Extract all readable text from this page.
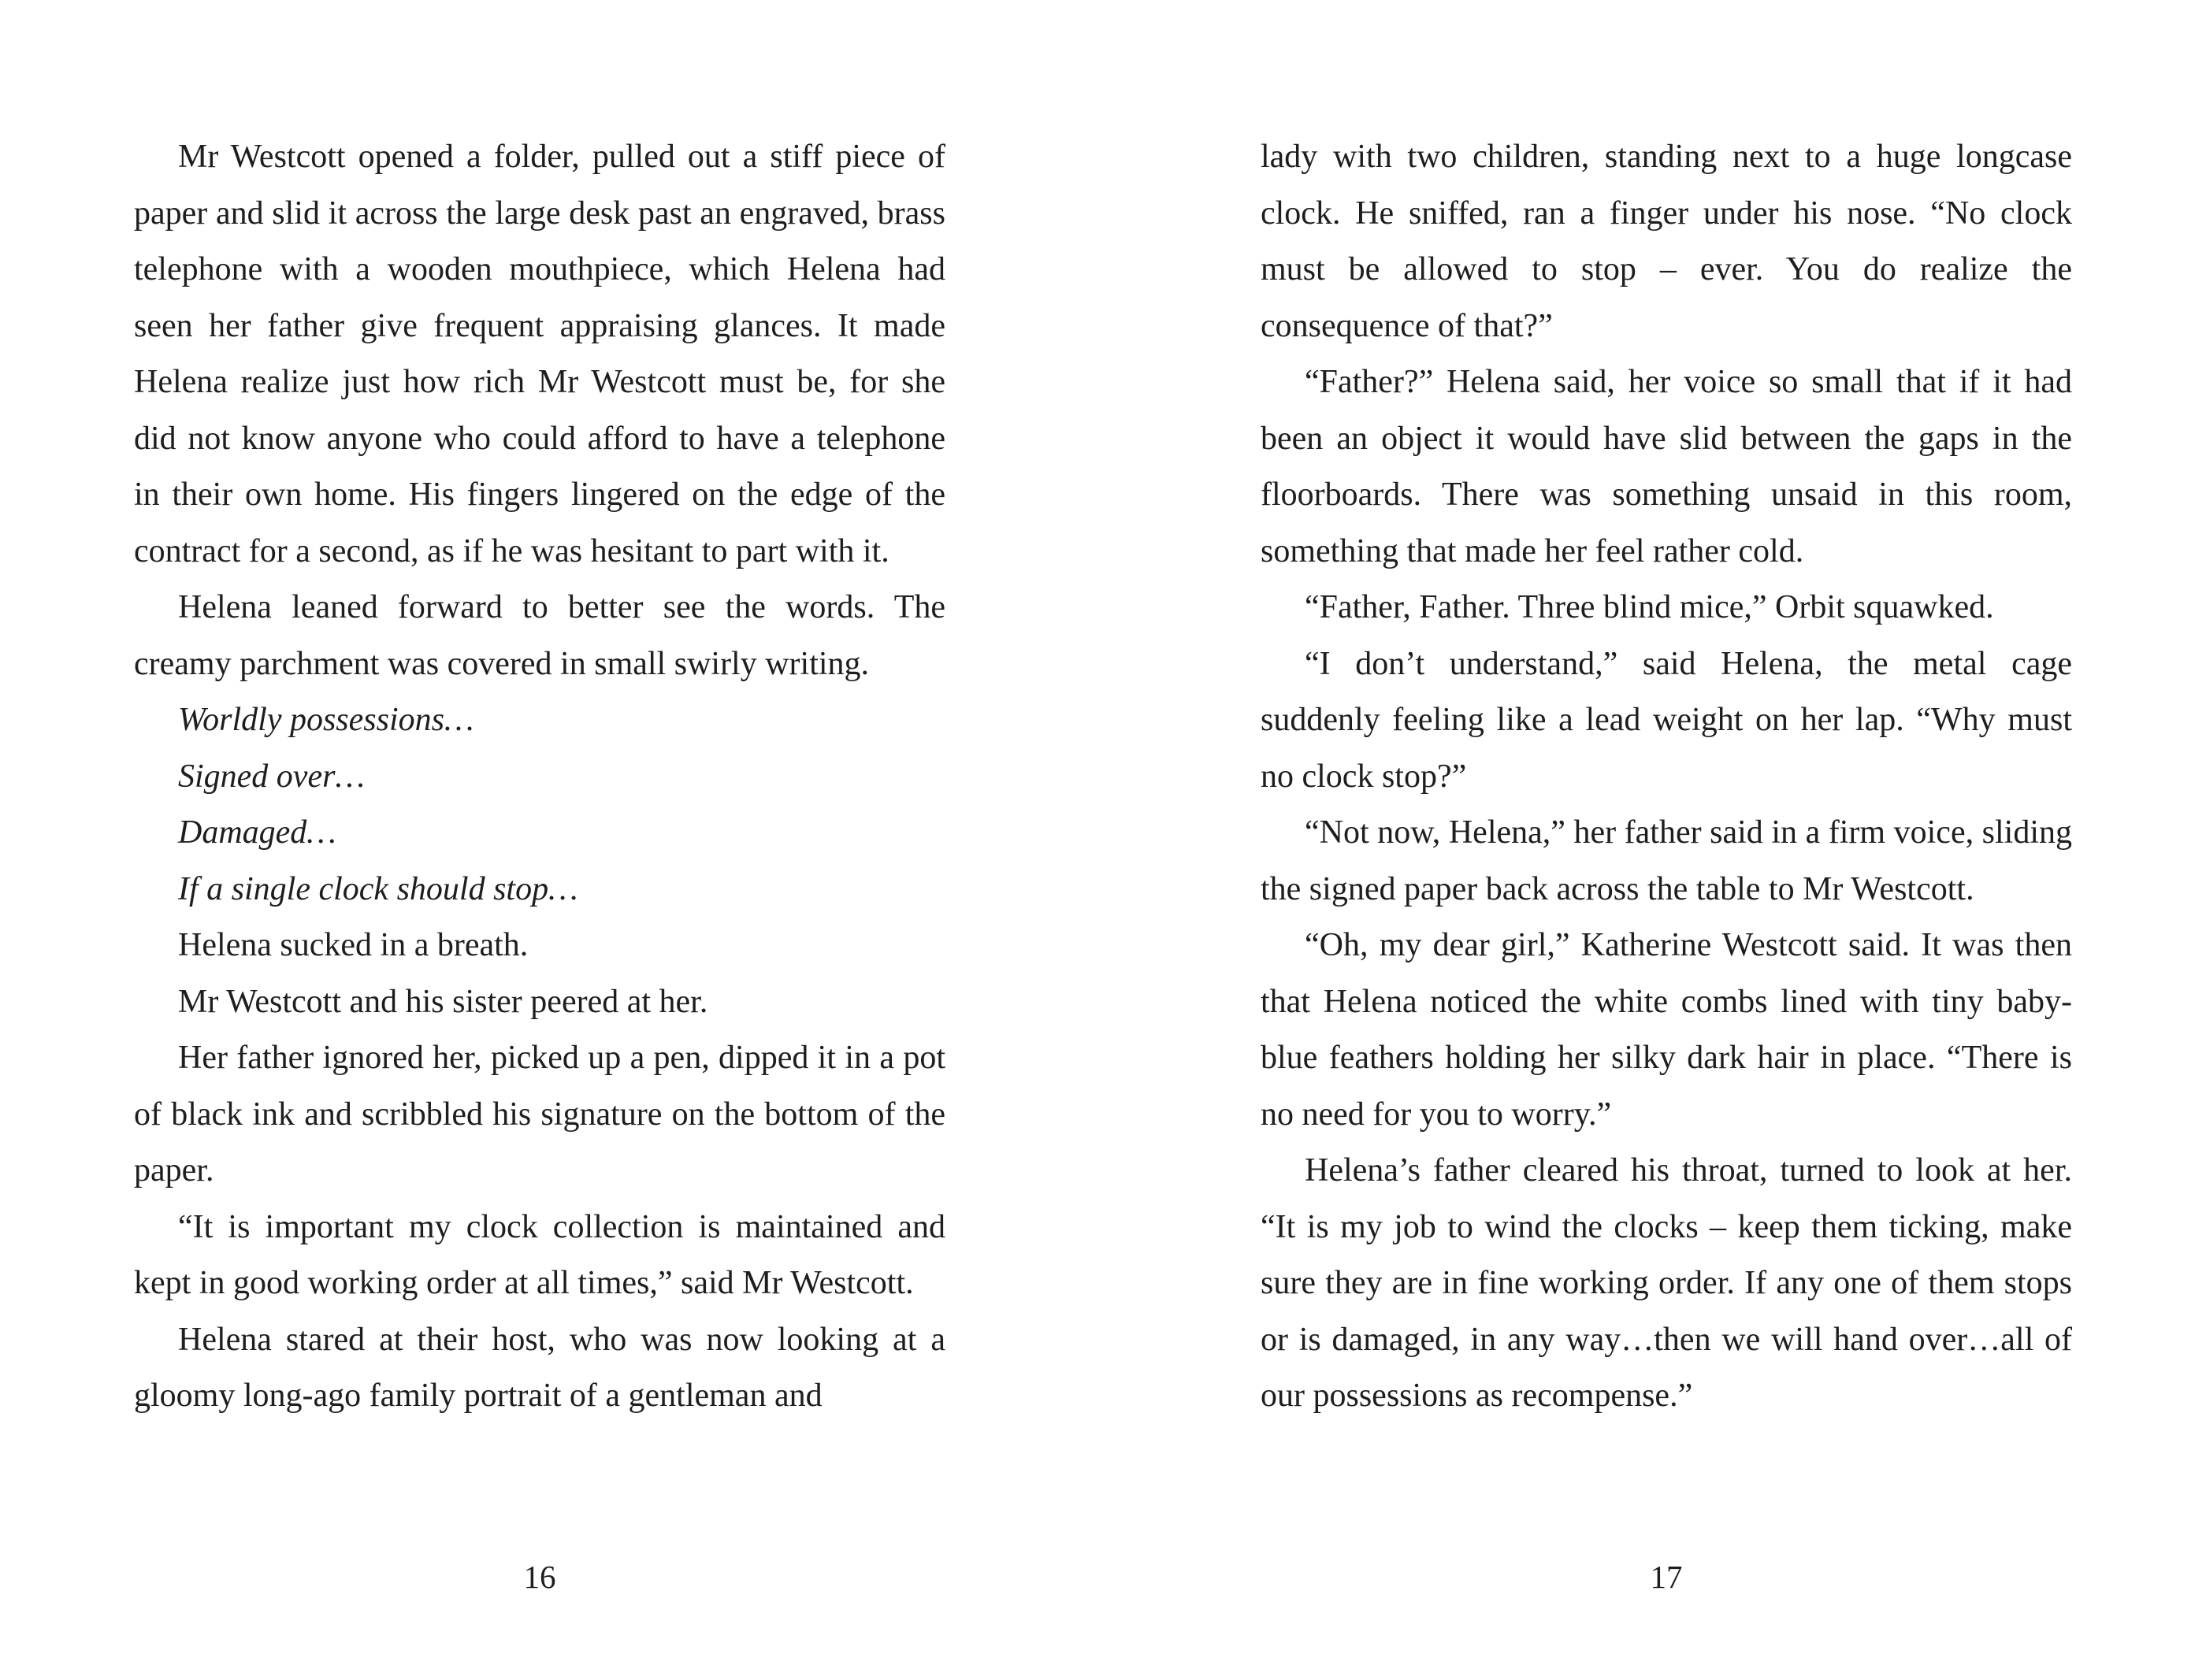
Mr Westcott opened a folder, pulled out a stiff piece of paper and slid it across the large desk past an engraved, brass telephone with a wooden mouthpiece, which Helena had seen her father give frequent appraising glances. It made Helena realize just how rich Mr Westcott must be, for she did not know anyone who could afford to have a telephone in their own home. His fingers lingered on the edge of the contract for a second, as if he was hesitant to part with it.

Helena leaned forward to better see the words. The creamy parchment was covered in small swirly writing.

Worldly possessions…

Signed over…

Damaged…

If a single clock should stop…

Helena sucked in a breath.

Mr Westcott and his sister peered at her.

Her father ignored her, picked up a pen, dipped it in a pot of black ink and scribbled his signature on the bottom of the paper.

“It is important my clock collection is maintained and kept in good working order at all times,” said Mr Westcott.

Helena stared at their host, who was now looking at a gloomy long-ago family portrait of a gentleman and

16

lady with two children, standing next to a huge longcase clock. He sniffed, ran a finger under his nose. “No clock must be allowed to stop – ever. You do realize the consequence of that?”

“Father?” Helena said, her voice so small that if it had been an object it would have slid between the gaps in the floorboards. There was something unsaid in this room, something that made her feel rather cold.

“Father, Father. Three blind mice,” Orbit squawked.

“I don’t understand,” said Helena, the metal cage suddenly feeling like a lead weight on her lap. “Why must no clock stop?”

“Not now, Helena,” her father said in a firm voice, sliding the signed paper back across the table to Mr Westcott.

“Oh, my dear girl,” Katherine Westcott said. It was then that Helena noticed the white combs lined with tiny baby-blue feathers holding her silky dark hair in place. “There is no need for you to worry.”

Helena’s father cleared his throat, turned to look at her. “It is my job to wind the clocks – keep them ticking, make sure they are in fine working order. If any one of them stops or is damaged, in any way…then we will hand over…all of our possessions as recompense.”

17
